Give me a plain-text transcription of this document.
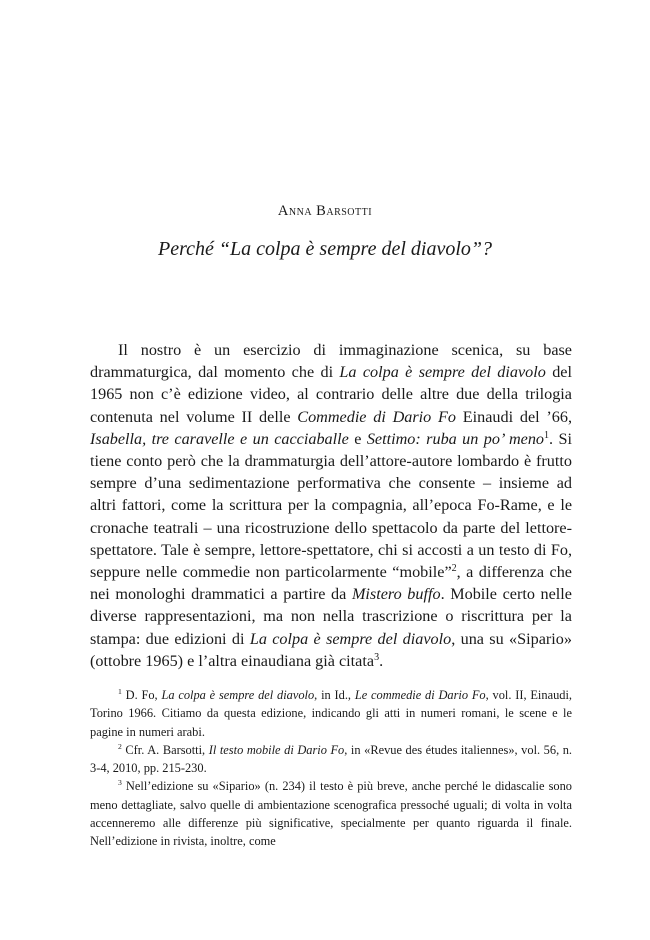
Anna Barsotti
Perché “La colpa è sempre del diavolo”?

Il nostro è un esercizio di immaginazione scenica, su base drammaturgica, dal momento che di La colpa è sempre del diavolo del 1965 non c’è edizione video, al contrario delle altre due della trilogia contenuta nel volume II delle Commedie di Dario Fo Einaudi del ’66, Isabella, tre caravelle e un cacciaballe e Settimo: ruba un po’ meno$^1$. Si tiene conto però che la drammaturgia dell’attore-autore lombardo è frutto sempre d’una sedimentazione performativa che consente – insieme ad altri fattori, come la scrittura per la compagnia, all’epoca Fo-Rame, e le cronache teatrali – una ricostruzione dello spettacolo da parte del lettore-spettatore. Tale è sempre, lettore-spettatore, chi si accosti a un testo di Fo, seppure nelle commedie non particolarmente “mobile”$^2$, a differenza che nei monologhi drammatici a partire da Mistero buffo. Mobile certo nelle diverse rappresentazioni, ma non nella trascrizione o riscrittura per la stampa: due edizioni di La colpa è sempre del diavolo, una su «Sipario» (ottobre 1965) e l’altra einaudiana già citata$^3$.

$^1$ D. Fo, La colpa è sempre del diavolo, in Id., Le commedie di Dario Fo, vol. II, Einaudi, Torino 1966. Citiamo da questa edizione, indicando gli atti in numeri romani, le scene e le pagine in numeri arabi.

$^2$ Cfr. A. Barsotti, Il testo mobile di Dario Fo, in «Revue des études italiennes», vol. 56, n. 3-4, 2010, pp. 215-230.

$^3$ Nell’edizione su «Sipario» (n. 234) il testo è più breve, anche perché le didascalie sono meno dettagliate, salvo quelle di ambientazione scenografica pressoché uguali; di volta in volta accenneremo alle differenze più significative, specialmente per quanto riguarda il finale. Nell’edizione in rivista, inoltre, come
